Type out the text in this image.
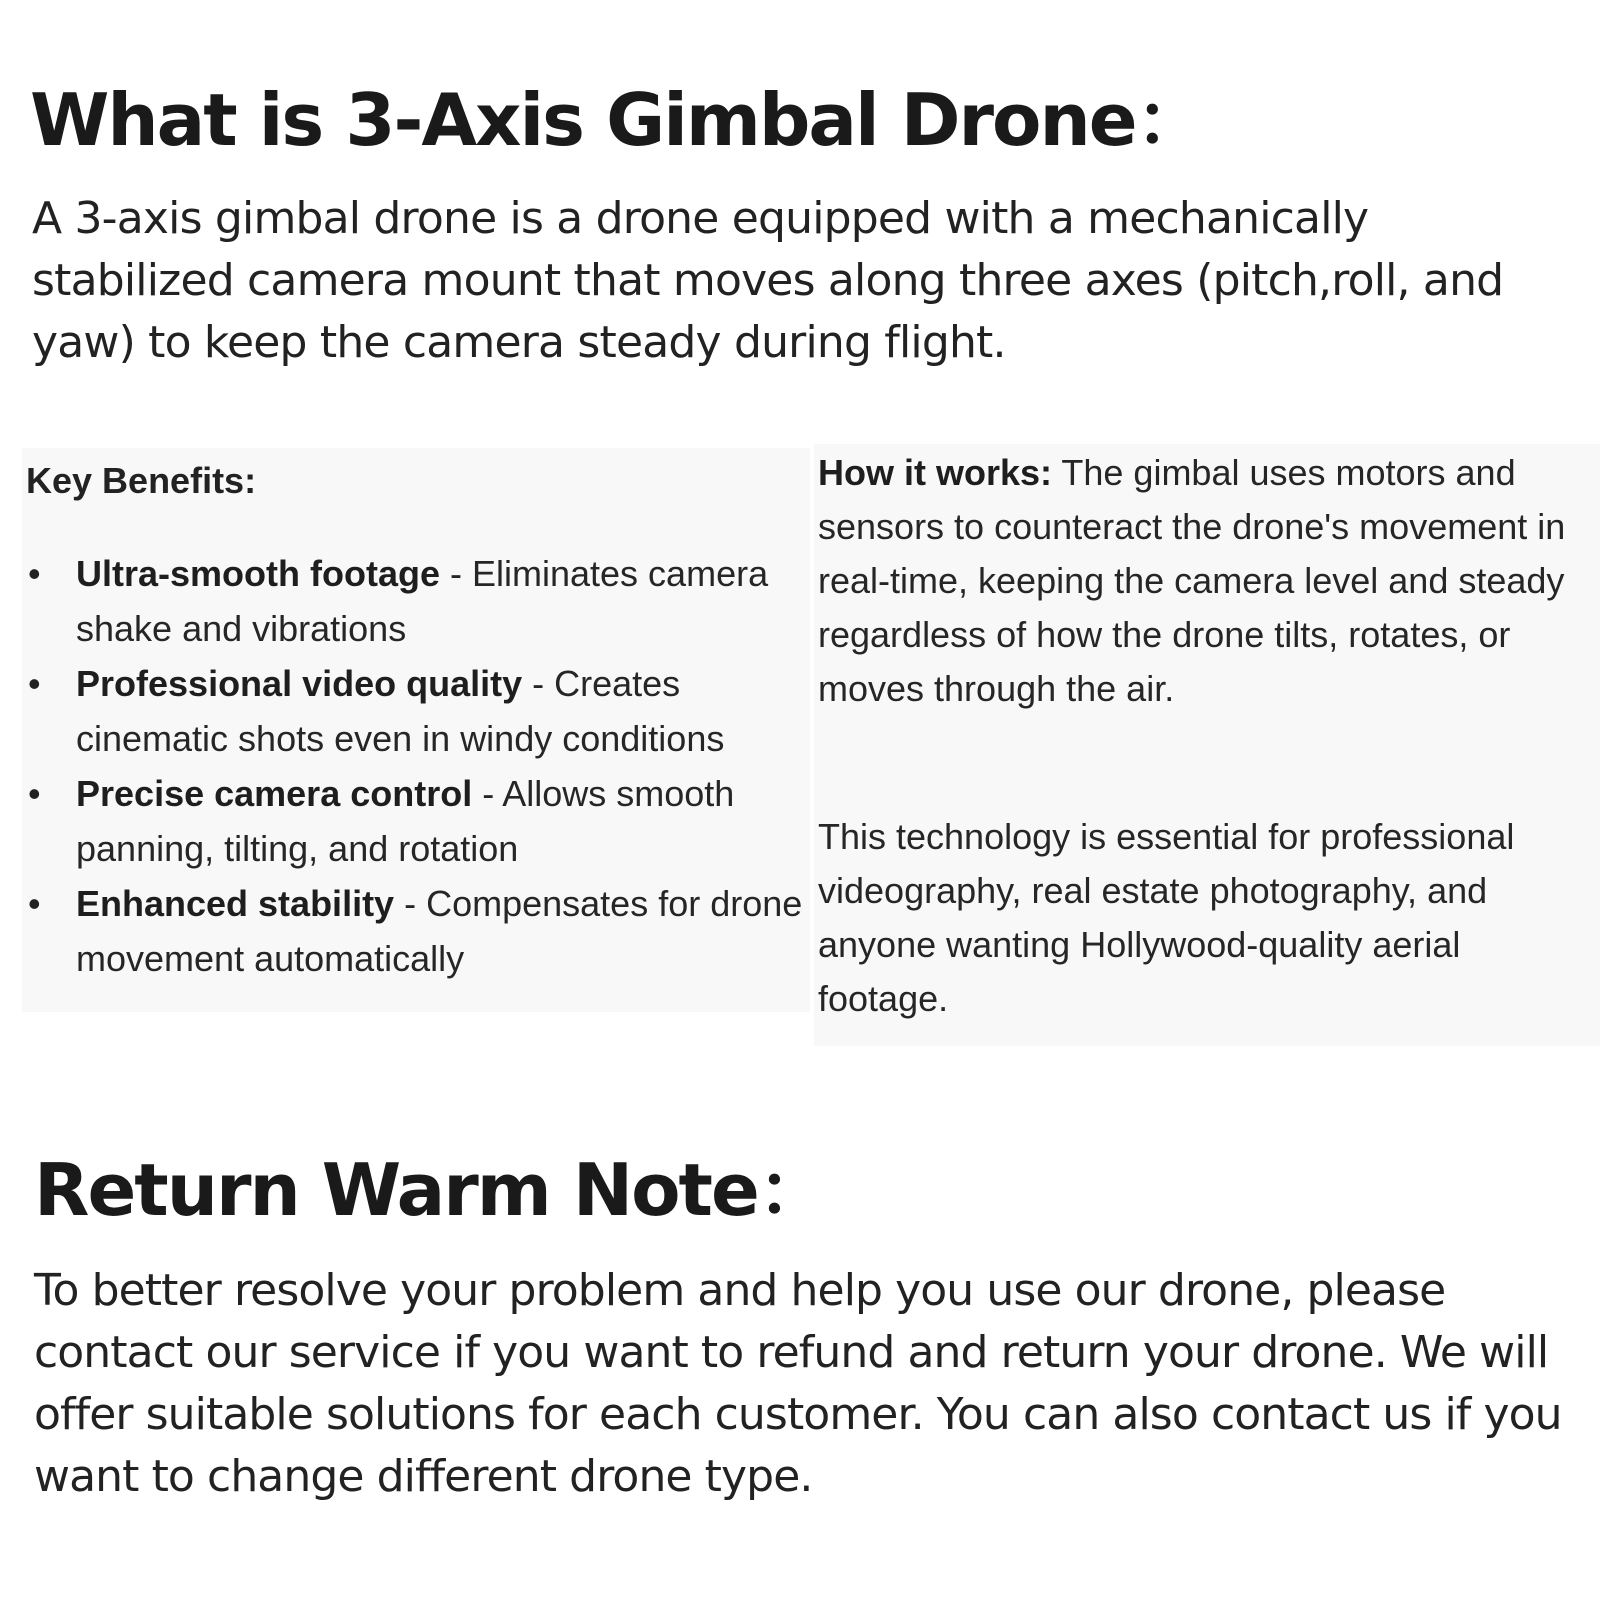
What is 3-Axis Gimbal Drone：

A 3-axis gimbal drone is a drone equipped with a mechanically stabilized camera mount that moves along three axes (pitch,roll, and yaw) to keep the camera steady during flight.

Key Benefits:
• Ultra-smooth footage - Eliminates camera shake and vibrations
• Professional video quality - Creates cinematic shots even in windy conditions
• Precise camera control - Allows smooth panning, tilting, and rotation
• Enhanced stability - Compensates for drone movement automatically

How it works: The gimbal uses motors and sensors to counteract the drone's movement in real-time, keeping the camera level and steady regardless of how the drone tilts, rotates, or moves through the air.

This technology is essential for professional videography, real estate photography, and anyone wanting Hollywood-quality aerial footage.

Return Warm Note：

To better resolve your problem and help you use our drone, please contact our service if you want to refund and return your drone. We will offer suitable solutions for each customer. You can also contact us if you want to change different drone type.
